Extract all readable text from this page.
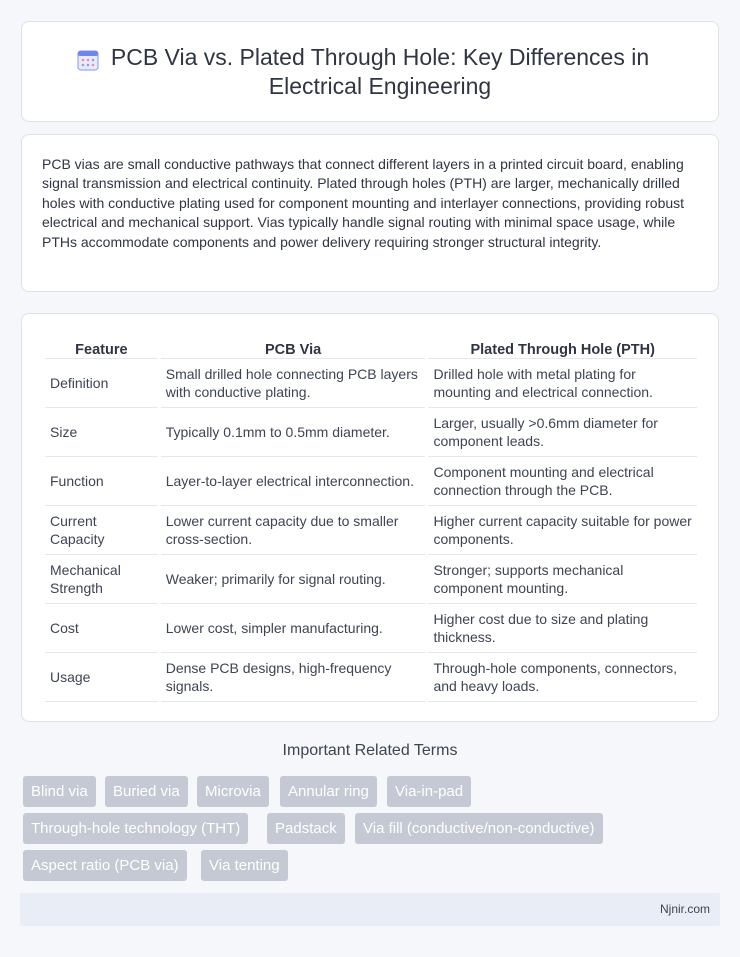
PCB Via vs. Plated Through Hole: Key Differences in Electrical Engineering

PCB vias are small conductive pathways that connect different layers in a printed circuit board, enabling signal transmission and electrical continuity. Plated through holes (PTH) are larger, mechanically drilled holes with conductive plating used for component mounting and interlayer connections, providing robust electrical and mechanical support. Vias typically handle signal routing with minimal space usage, while PTHs accommodate components and power delivery requiring stronger structural integrity.

Feature	PCB Via	Plated Through Hole (PTH)
Definition	Small drilled hole connecting PCB layers with conductive plating.	Drilled hole with metal plating for mounting and electrical connection.
Size	Typically 0.1mm to 0.5mm diameter.	Larger, usually >0.6mm diameter for component leads.
Function	Layer-to-layer electrical interconnection.	Component mounting and electrical connection through the PCB.
Current Capacity	Lower current capacity due to smaller cross-section.	Higher current capacity suitable for power components.
Mechanical Strength	Weaker; primarily for signal routing.	Stronger; supports mechanical component mounting.
Cost	Lower cost, simpler manufacturing.	Higher cost due to size and plating thickness.
Usage	Dense PCB designs, high-frequency signals.	Through-hole components, connectors, and heavy loads.
Important Related Terms
Blind via	Buried via	Microvia	Annular ring	Via-in-pad
Through-hole technology (THT)	Padstack	Via fill (conductive/non-conductive)
Aspect ratio (PCB via)	Via tenting
Njnir.com
